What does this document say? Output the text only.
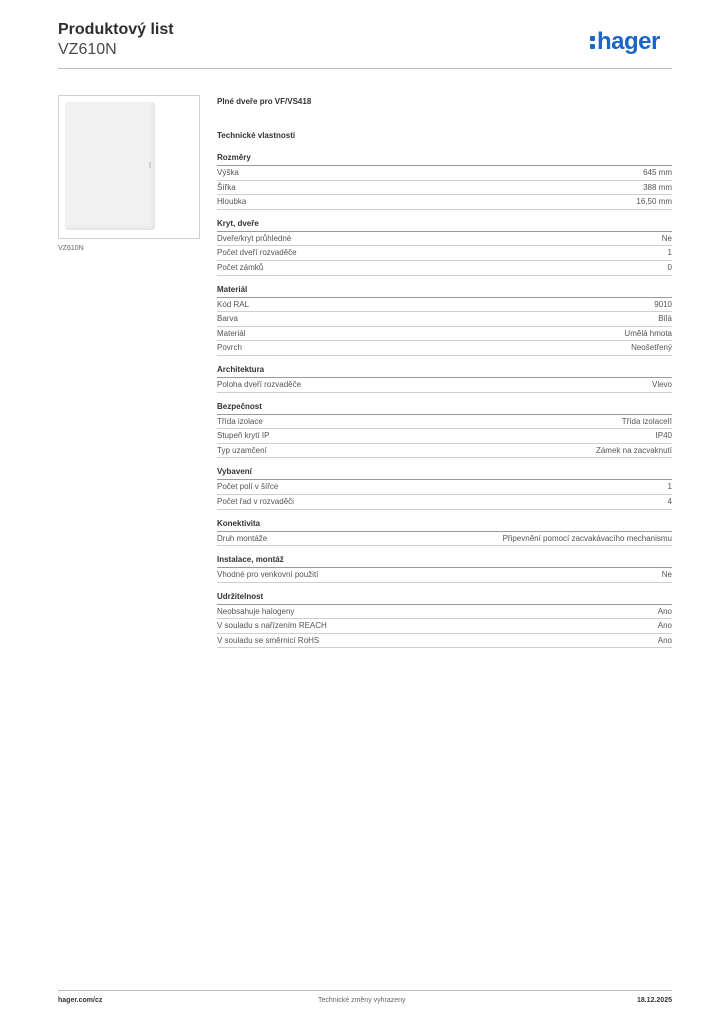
Produktový list
VZ610N	hager
VZ610N
Plné dveře pro VF/VS418
Technické vlastnosti
Rozměry
Výška	645 mm
Šířka	388 mm
Hloubka	16,50 mm
Kryt, dveře
Dveře/kryt průhledné	Ne
Počet dveří rozvaděče	1
Počet zámků	0
Materiál
Kód RAL	9010
Barva	Bílá
Materiál	Umělá hmota
Povrch	Neošetřený
Architektura
Poloha dveří rozvaděče	Vlevo
Bezpečnost
Třída izolace	Třída izolaceII
Stupeň krytí IP	IP40
Typ uzamčení	Zámek na zacvaknutí
Vybavení
Počet polí v šířce	1
Počet řad v rozvaděči	4
Konektivita
Druh montáže	Připevnění pomocí zacvakávacího mechanismu
Instalace, montáž
Vhodné pro venkovní použití	Ne
Udržitelnost
Neobsahuje halogeny	Ano
V souladu s nařízením REACH	Ano
V souladu se směrnicí RoHS	Ano
hager.com/cz	Technické změny vyhrazeny	18.12.2025
